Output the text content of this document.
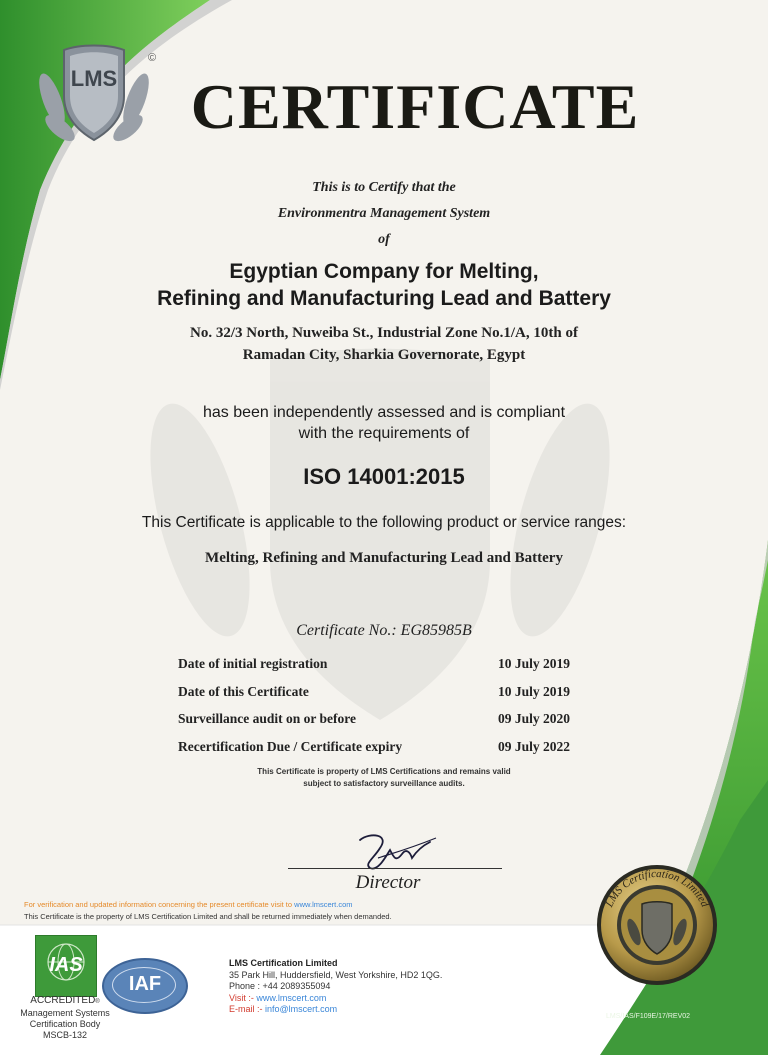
LMS
©
CERTIFICATE
This is to Certify that the
Environmentra Management System
of
Egyptian Company for Melting,
Refining and Manufacturing Lead and Battery
No. 32/3 North, Nuweiba St., Industrial Zone No.1/A, 10th of
Ramadan City, Sharkia Governorate, Egypt
has been independently assessed and is compliant
with the requirements of
ISO 14001:2015
This Certificate is applicable to the following product or service ranges:
Melting, Refining and Manufacturing Lead and Battery
Certificate No.: EG85985B
Date of initial registration	10 July 2019
Date of this Certificate	10 July 2019
Surveillance audit on or before	09 July 2020
Recertification Due / Certificate expiry	09 July 2022
This Certificate is property of LMS Certifications and remains valid
subject to satisfactory surveillance audits.
Director
For verification and updated information concerning the present certificate visit to www.lmscert.com
This Certificate is the property of LMS Certification Limited and shall be returned immediately when demanded.
IAS
ACCREDITED®
Management Systems
Certification Body
MSCB-132
IAF
LMS Certification Limited
35 Park Hill, Huddersfield, West Yorkshire, HD2 1QG.
Phone : +44 2089355094
Visit :- www.lmscert.com
E-mail :- info@lmscert.com
LMS Certification Limited
LMS/IAS/F109E/17/REV02
